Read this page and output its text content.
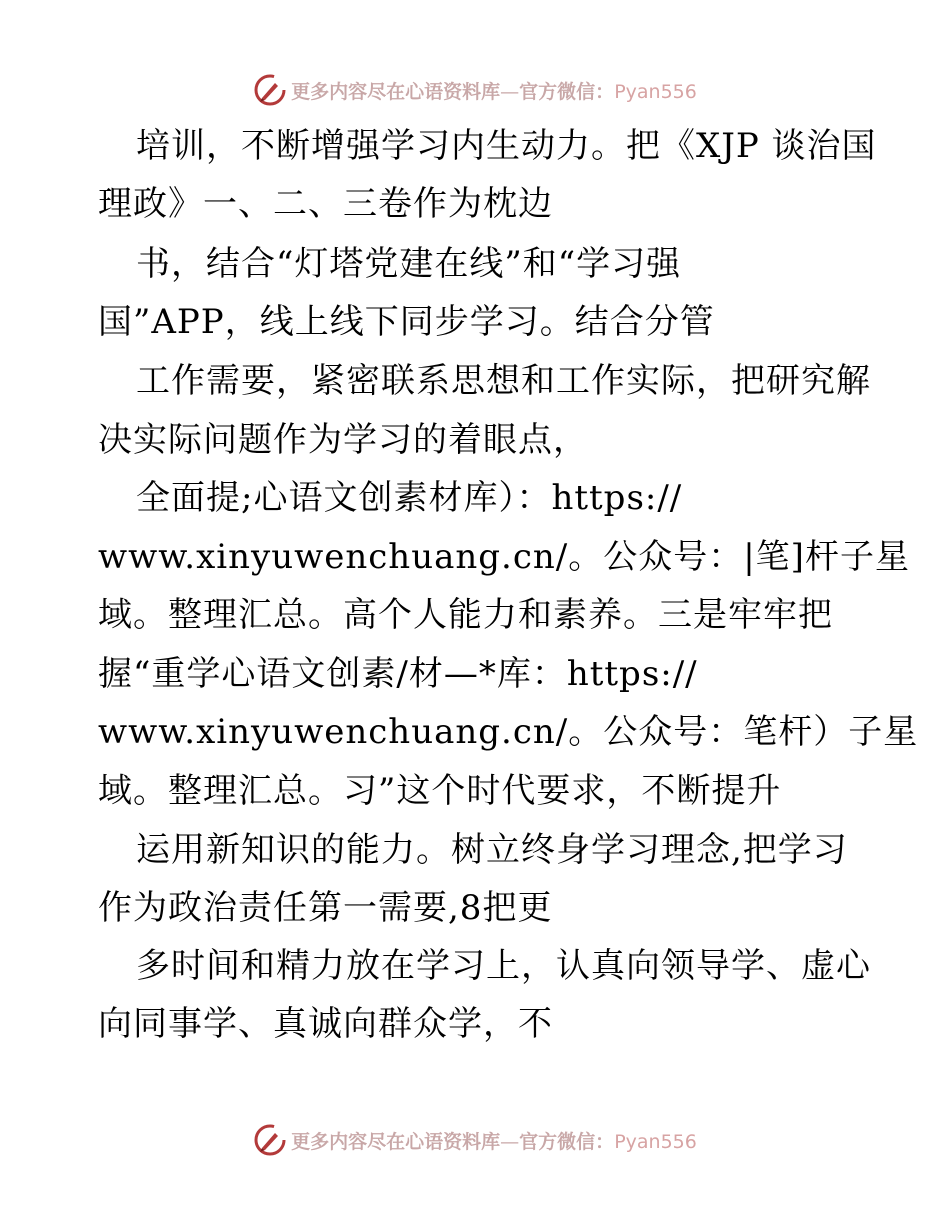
更多内容尽在心语资料库—官方微信：Pyan556
培训，不断增强学习内生动力。把《XJP 谈治国
理政》一、二、三卷作为枕边
书，结合“灯塔党建在线”和“学习强
国”APP，线上线下同步学习。结合分管
工作需要，紧密联系思想和工作实际，把研究解
决实际问题作为学习的着眼点，
全面提;心语文创素材库）：https://
www.xinyuwenchuang.cn/。公众号：|笔]杆子星
域。整理汇总。高个人能力和素养。三是牢牢把
握“重学心语文创素/材—*库：https://
www.xinyuwenchuang.cn/。公众号：笔杆）子星
域。整理汇总。习”这个时代要求，不断提升
运用新知识的能力。树立终身学习理念,把学习
作为政治责任第一需要,8把更
多时间和精力放在学习上，认真向领导学、虚心
向同事学、真诚向群众学，不
更多内容尽在心语资料库—官方微信：Pyan556
